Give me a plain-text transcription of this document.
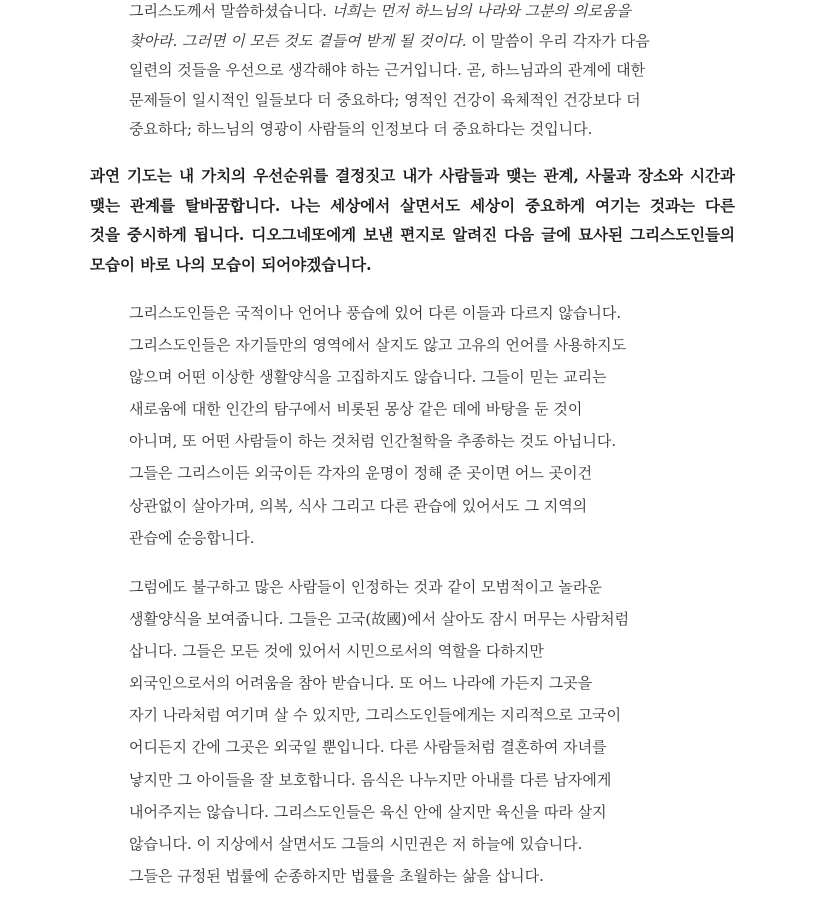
그리스도께서 말씀하셨습니다. 너희는 먼저 하느님의 나라와 그분의 의로움을
찾아라. 그러면 이 모든 것도 곁들여 받게 될 것이다. 이 말씀이 우리 각자가 다음
일련의 것들을 우선으로 생각해야 하는 근거입니다. 곧, 하느님과의 관계에 대한
문제들이 일시적인 일들보다 더 중요하다; 영적인 건강이 육체적인 건강보다 더
중요하다; 하느님의 영광이 사람들의 인정보다 더 중요하다는 것입니다.
과연 기도는 내 가치의 우선순위를 결정짓고 내가 사람들과 맺는 관계, 사물과 장소와 시간과
맺는 관계를 탈바꿈합니다. 나는 세상에서 살면서도 세상이 중요하게 여기는 것과는 다른
것을 중시하게 됩니다. 디오그네또에게 보낸 편지로 알려진 다음 글에 묘사된 그리스도인들의
모습이 바로 나의 모습이 되어야겠습니다.
그리스도인들은 국적이나 언어나 풍습에 있어 다른 이들과 다르지 않습니다.
그리스도인들은 자기들만의 영역에서 살지도 않고 고유의 언어를 사용하지도
않으며 어떤 이상한 생활양식을 고집하지도 않습니다. 그들이 믿는 교리는
새로움에 대한 인간의 탐구에서 비롯된 몽상 같은 데에 바탕을 둔 것이
아니며, 또 어떤 사람들이 하는 것처럼 인간철학을 추종하는 것도 아닙니다.
그들은 그리스이든 외국이든 각자의 운명이 정해 준 곳이면 어느 곳이건
상관없이 살아가며, 의복, 식사 그리고 다른 관습에 있어서도 그 지역의
관습에 순응합니다.
그럼에도 불구하고 많은 사람들이 인정하는 것과 같이 모범적이고 놀라운
생활양식을 보여줍니다. 그들은 고국(故國)에서 살아도 잠시 머무는 사람처럼
삽니다. 그들은 모든 것에 있어서 시민으로서의 역할을 다하지만
외국인으로서의 어려움을 참아 받습니다. 또 어느 나라에 가든지 그곳을
자기 나라처럼 여기며 살 수 있지만, 그리스도인들에게는 지리적으로 고국이
어디든지 간에 그곳은 외국일 뿐입니다. 다른 사람들처럼 결혼하여 자녀를
낳지만 그 아이들을 잘 보호합니다. 음식은 나누지만 아내를 다른 남자에게
내어주지는 않습니다. 그리스도인들은 육신 안에 살지만 육신을 따라 살지
않습니다. 이 지상에서 살면서도 그들의 시민권은 저 하늘에 있습니다.
그들은 규정된 법률에 순종하지만 법률을 초월하는 삶을 삽니다.
